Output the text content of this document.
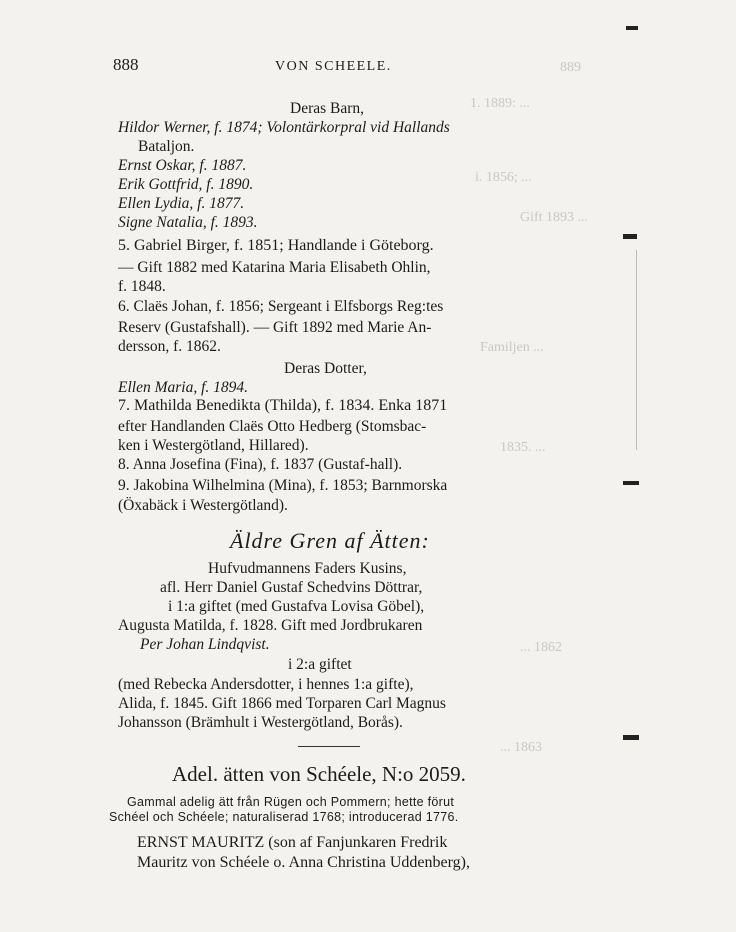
889
1. 1889: ...
i. 1856; ...
Gift 1893 ...
Familjen ...
1835. ...
... 1862
... 1863
888	VON SCHEELE.
Deras Barn,
Hildor Werner, f. 1874; Volontärkorpral vid Hallands
Bataljon.
Ernst Oskar, f. 1887.
Erik Gottfrid, f. 1890.
Ellen Lydia, f. 1877.
Signe Natalia, f. 1893.
5. Gabriel Birger, f. 1851; Handlande i Göteborg.
— Gift 1882 med Katarina Maria Elisabeth Ohlin,
f. 1848.
6. Claës Johan, f. 1856; Sergeant i Elfsborgs Reg:tes
Reserv (Gustafshall). — Gift 1892 med Marie An-
dersson, f. 1862.
Deras Dotter,
Ellen Maria, f. 1894.
7. Mathilda Benedikta (Thilda), f. 1834. Enka 1871
efter Handlanden Claës Otto Hedberg (Stomsbac-
ken i Westergötland, Hillared).
8. Anna Josefina (Fina), f. 1837 (Gustaf-hall).
9. Jakobina Wilhelmina (Mina), f. 1853; Barnmorska
(Öxabäck i Westergötland).
Äldre Gren af Ätten:
Hufvudmannens Faders Kusins,
afl. Herr Daniel Gustaf Schedvins Döttrar,
i 1:a giftet (med Gustafva Lovisa Göbel),
Augusta Matilda, f. 1828. Gift med Jordbrukaren
Per Johan Lindqvist.
i 2:a giftet
(med Rebecka Andersdotter, i hennes 1:a gifte),
Alida, f. 1845. Gift 1866 med Torparen Carl Magnus
Johansson (Brämhult i Westergötland, Borås).
Adel. ätten von Schéele, N:o 2059.
Gammal adelig ätt från Rügen och Pommern; hette förut
Schéel och Schéele; naturaliserad 1768; introducerad 1776.
ERNST MAURITZ (son af Fanjunkaren Fredrik
Mauritz von Schéele o. Anna Christina Uddenberg),
